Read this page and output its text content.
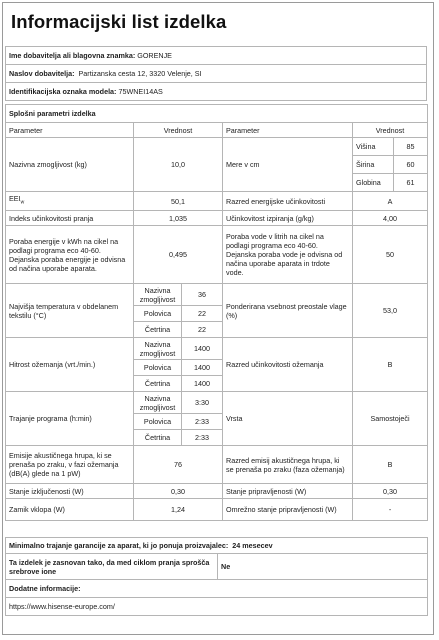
Informacijski list izdelka
Ime dobavitelja ali blagovna znamka: GORENJE
Naslov dobavitelja: Partizanska cesta 12, 3320 Velenje, SI
Identifikacijska oznaka modela: 75WNEI14AS
Splošni parametri izdelka					
Parameter	Vrednost		Parameter	Vrednost	
Nazivna zmogljivost (kg)	10,0		Mere v cm	Višina	85
				Širina	60
				Globina	61
$EEI_w$	50,1		Razred energijske učinkovitosti	A	
Indeks učinkovitosti pranja	1,035		Učinkovitost izpiranja (g/kg)	4,00	
Poraba energije v kWh na cikel na podlagi programa eco 40-60. Dejanska poraba energije je odvisna od načina uporabe aparata.	0,495		Poraba vode v litrih na cikel na podlagi programa eco 40-60. Dejanska poraba vode je odvisna od načina uporabe aparata in trdote vode.	50	
Najvišja temperatura v obdelanem tekstilu (°C)	Nazivna zmogljivost	36	Ponderirana vsebnost preostale vlage (%)	53,0	
	Polovica	22			
	Četrtina	22			
Hitrost ožemanja (vrt./min.)	Nazivna zmogljivost	1400	Razred učinkovitosti ožemanja	B	
	Polovica	1400			
	Četrtina	1400			
Trajanje programa (h:min)	Nazivna zmogljivost	3:30	Vrsta	Samostoječi	
	Polovica	2:33			
	Četrtina	2:33			
Emisije akustičnega hrupa, ki se prenaša po zraku, v fazi ožemanja (dB(A) glede na 1 pW)	76		Razred emisij akustičnega hrupa, ki se prenaša po zraku (faza ožemanja)	B	
Stanje izključenosti (W)	0,30		Stanje pripravljenosti (W)	0,30	
Zamik vklopa (W)	1,24		Omrežno stanje pripravljenosti (W)	-	
Minimalno trajanje garancije za aparat, ki jo ponuja proizvajalec: 24 mesecev
Ta izdelek je zasnovan tako, da med ciklom pranja sprošča srebrove ione	Ne
Dodatne informacije:
https://www.hisense-europe.com/
